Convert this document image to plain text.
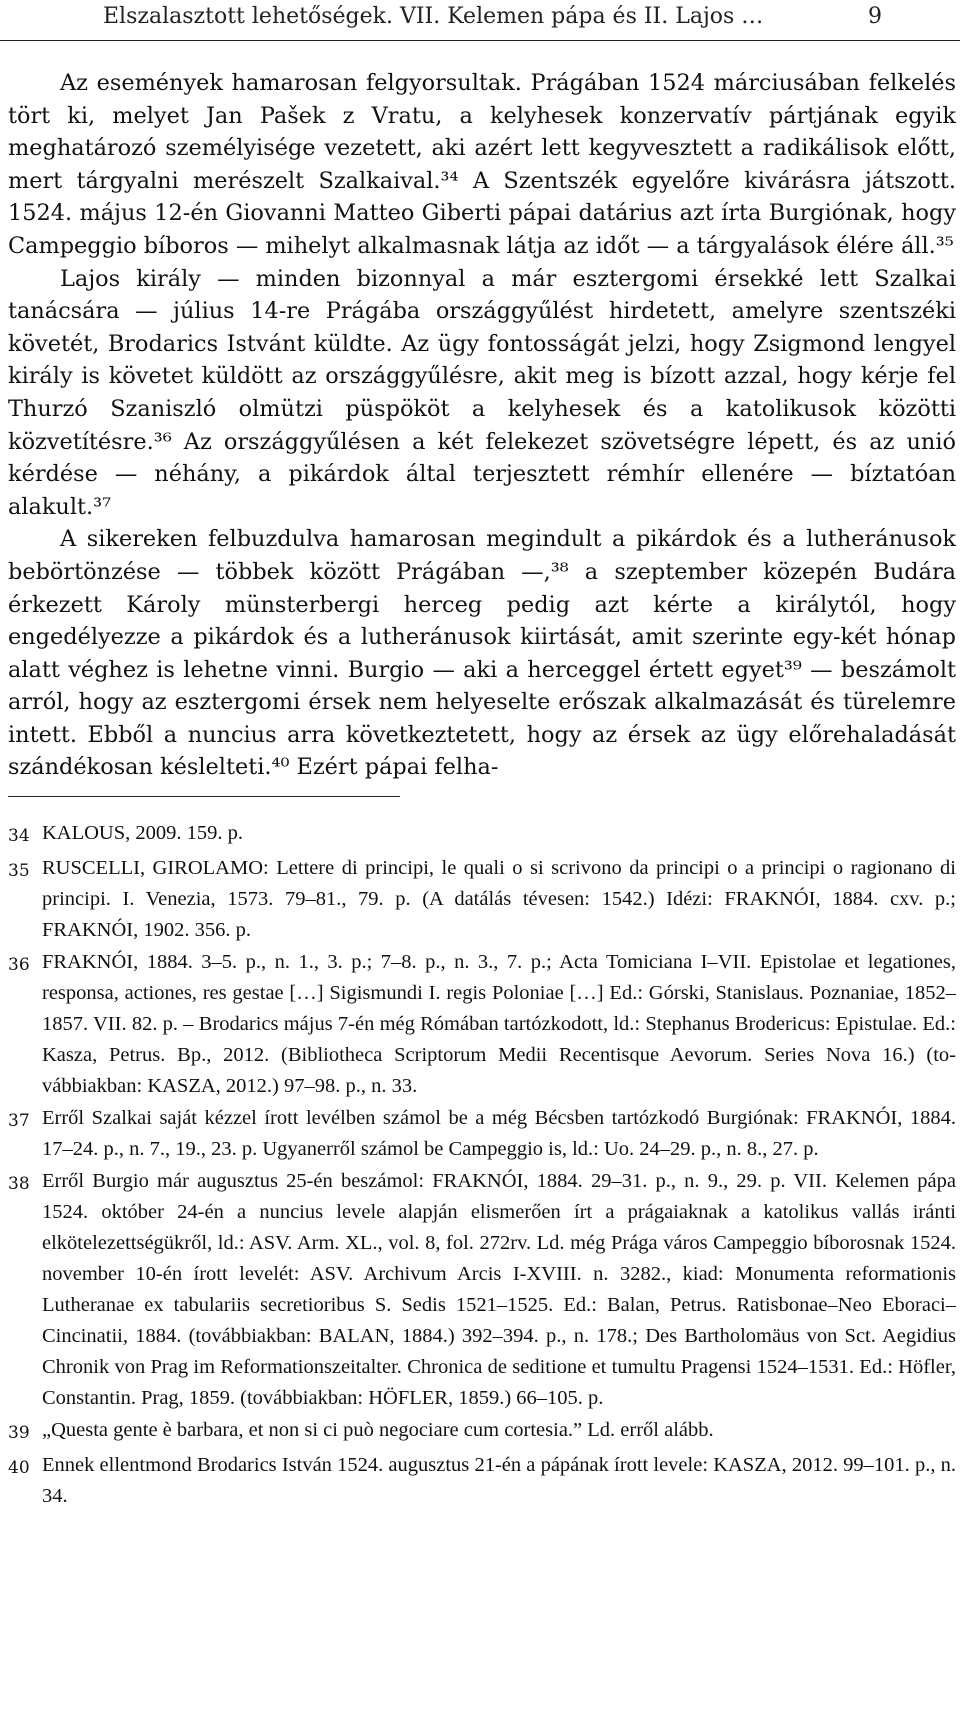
Elszalasztott lehetőségek. VII. Kelemen pápa és II. Lajos …	9

Az események hamarosan felgyorsultak. Prágában 1524 márciusában felkelés tört ki, melyet Jan Pašek z Vratu, a kelyhesek konzervatív pártjának egyik meghatározó személyisége vezetett, aki azért lett kegyvesztett a radikálisok előtt, mert tárgyalni merészelt Szalkaival.³⁴ A Szentszék egyelőre kivárásra játszott. 1524. május 12-én Giovanni Matteo Giberti pápai datárius azt írta Burgiónak, hogy Campeggio bíboros — mihelyt alkalmasnak látja az időt — a tárgyalások élére áll.³⁵

Lajos király — minden bizonnyal a már esztergomi érsekké lett Szalkai tanácsára — július 14-re Prágába országgyűlést hirdetett, amelyre szentszéki követét, Brodarics Istvánt küldte. Az ügy fontosságát jelzi, hogy Zsigmond lengyel király is követet küldött az országgyűlésre, akit meg is bízott azzal, hogy kérje fel Thurzó Szaniszló olmützi püspököt a kelyhesek és a katolikusok közötti közvetítésre.³⁶ Az országgyűlésen a két felekezet szövetségre lépett, és az unió kérdése — néhány, a pikárdok által terjesztett rémhír ellenére — bíztatóan alakult.³⁷

A sikereken felbuzdulva hamarosan megindult a pikárdok és a lutheránusok bebörtönzése — többek között Prágában —,³⁸ a szeptember közepén Budára érkezett Károly münsterbergi herceg pedig azt kérte a királytól, hogy engedélyezze a pikárdok és a lutheránusok kiirtását, amit szerinte egy-két hónap alatt véghez is lehetne vinni. Burgio — aki a herceggel értett egyet³⁹ — beszámolt arról, hogy az esztergomi érsek nem helyeselte erőszak alkalmazását és türelemre intett. Ebből a nuncius arra következtetett, hogy az érsek az ügy előrehaladását szándékosan késlelteti.⁴⁰ Ezért pápai felha-

34 KALOUS, 2009. 159. p.
35 RUSCELLI, GIROLAMO: Lettere di principi, le quali o si scrivono da principi o a principi o ragionano di principi. I. Venezia, 1573. 79–81., 79. p. (A datálás tévesen: 1542.) Idézi: FRAKNÓI, 1884. cxv. p.; FRAKNÓI, 1902. 356. p.
36 FRAKNÓI, 1884. 3–5. p., n. 1., 3. p.; 7–8. p., n. 3., 7. p.; Acta Tomiciana I–VII. Epistolae et legationes, responsa, actiones, res gestae […] Sigismundi I. regis Poloniae […] Ed.: Górski, Stanislaus. Poznaniae, 1852–1857. VII. 82. p. – Brodarics május 7-én még Rómában tartózkodott, ld.: Stephanus Brodericus: Epistulae. Ed.: Kasza, Petrus. Bp., 2012. (Bibliotheca Scriptorum Medii Recentisque Aevorum. Series Nova 16.) (továbbiakban: KASZA, 2012.) 97–98. p., n. 33.
37 Erről Szalkai saját kézzel írott levélben számol be a még Bécsben tartózkodó Burgiónak: FRAKNÓI, 1884. 17–24. p., n. 7., 19., 23. p. Ugyanerről számol be Campeggio is, ld.: Uo. 24–29. p., n. 8., 27. p.
38 Erről Burgio már augusztus 25-én beszámol: FRAKNÓI, 1884. 29–31. p., n. 9., 29. p. VII. Kelemen pápa 1524. október 24-én a nuncius levele alapján elismerően írt a prágaiaknak a katolikus vallás iránti elkötelezettségükről, ld.: ASV. Arm. XL., vol. 8, fol. 272rv. Ld. még Prága város Campeggio bíborosnak 1524. november 10-én írott levelét: ASV. Archivum Arcis I-XVIII. n. 3282., kiad: Monumenta reformationis Lutheranae ex tabulariis secretioribus S. Sedis 1521–1525. Ed.: Balan, Petrus. Ratisbonae–Neo Eboraci–Cincinatii, 1884. (továbbiakban: BALAN, 1884.) 392–394. p., n. 178.; Des Bartholomäus von Sct. Aegidius Chronik von Prag im Reformationszeitalter. Chronica de seditione et tumultu Pragensi 1524–1531. Ed.: Höfler, Constantin. Prag, 1859. (továbbiakban: HÖFLER, 1859.) 66–105. p.
39 „Questa gente è barbara, et non si ci può negociare cum cortesia.” Ld. erről alább.
40 Ennek ellentmond Brodarics István 1524. augusztus 21-én a pápának írott levele: KASZA, 2012. 99–101. p., n. 34.
